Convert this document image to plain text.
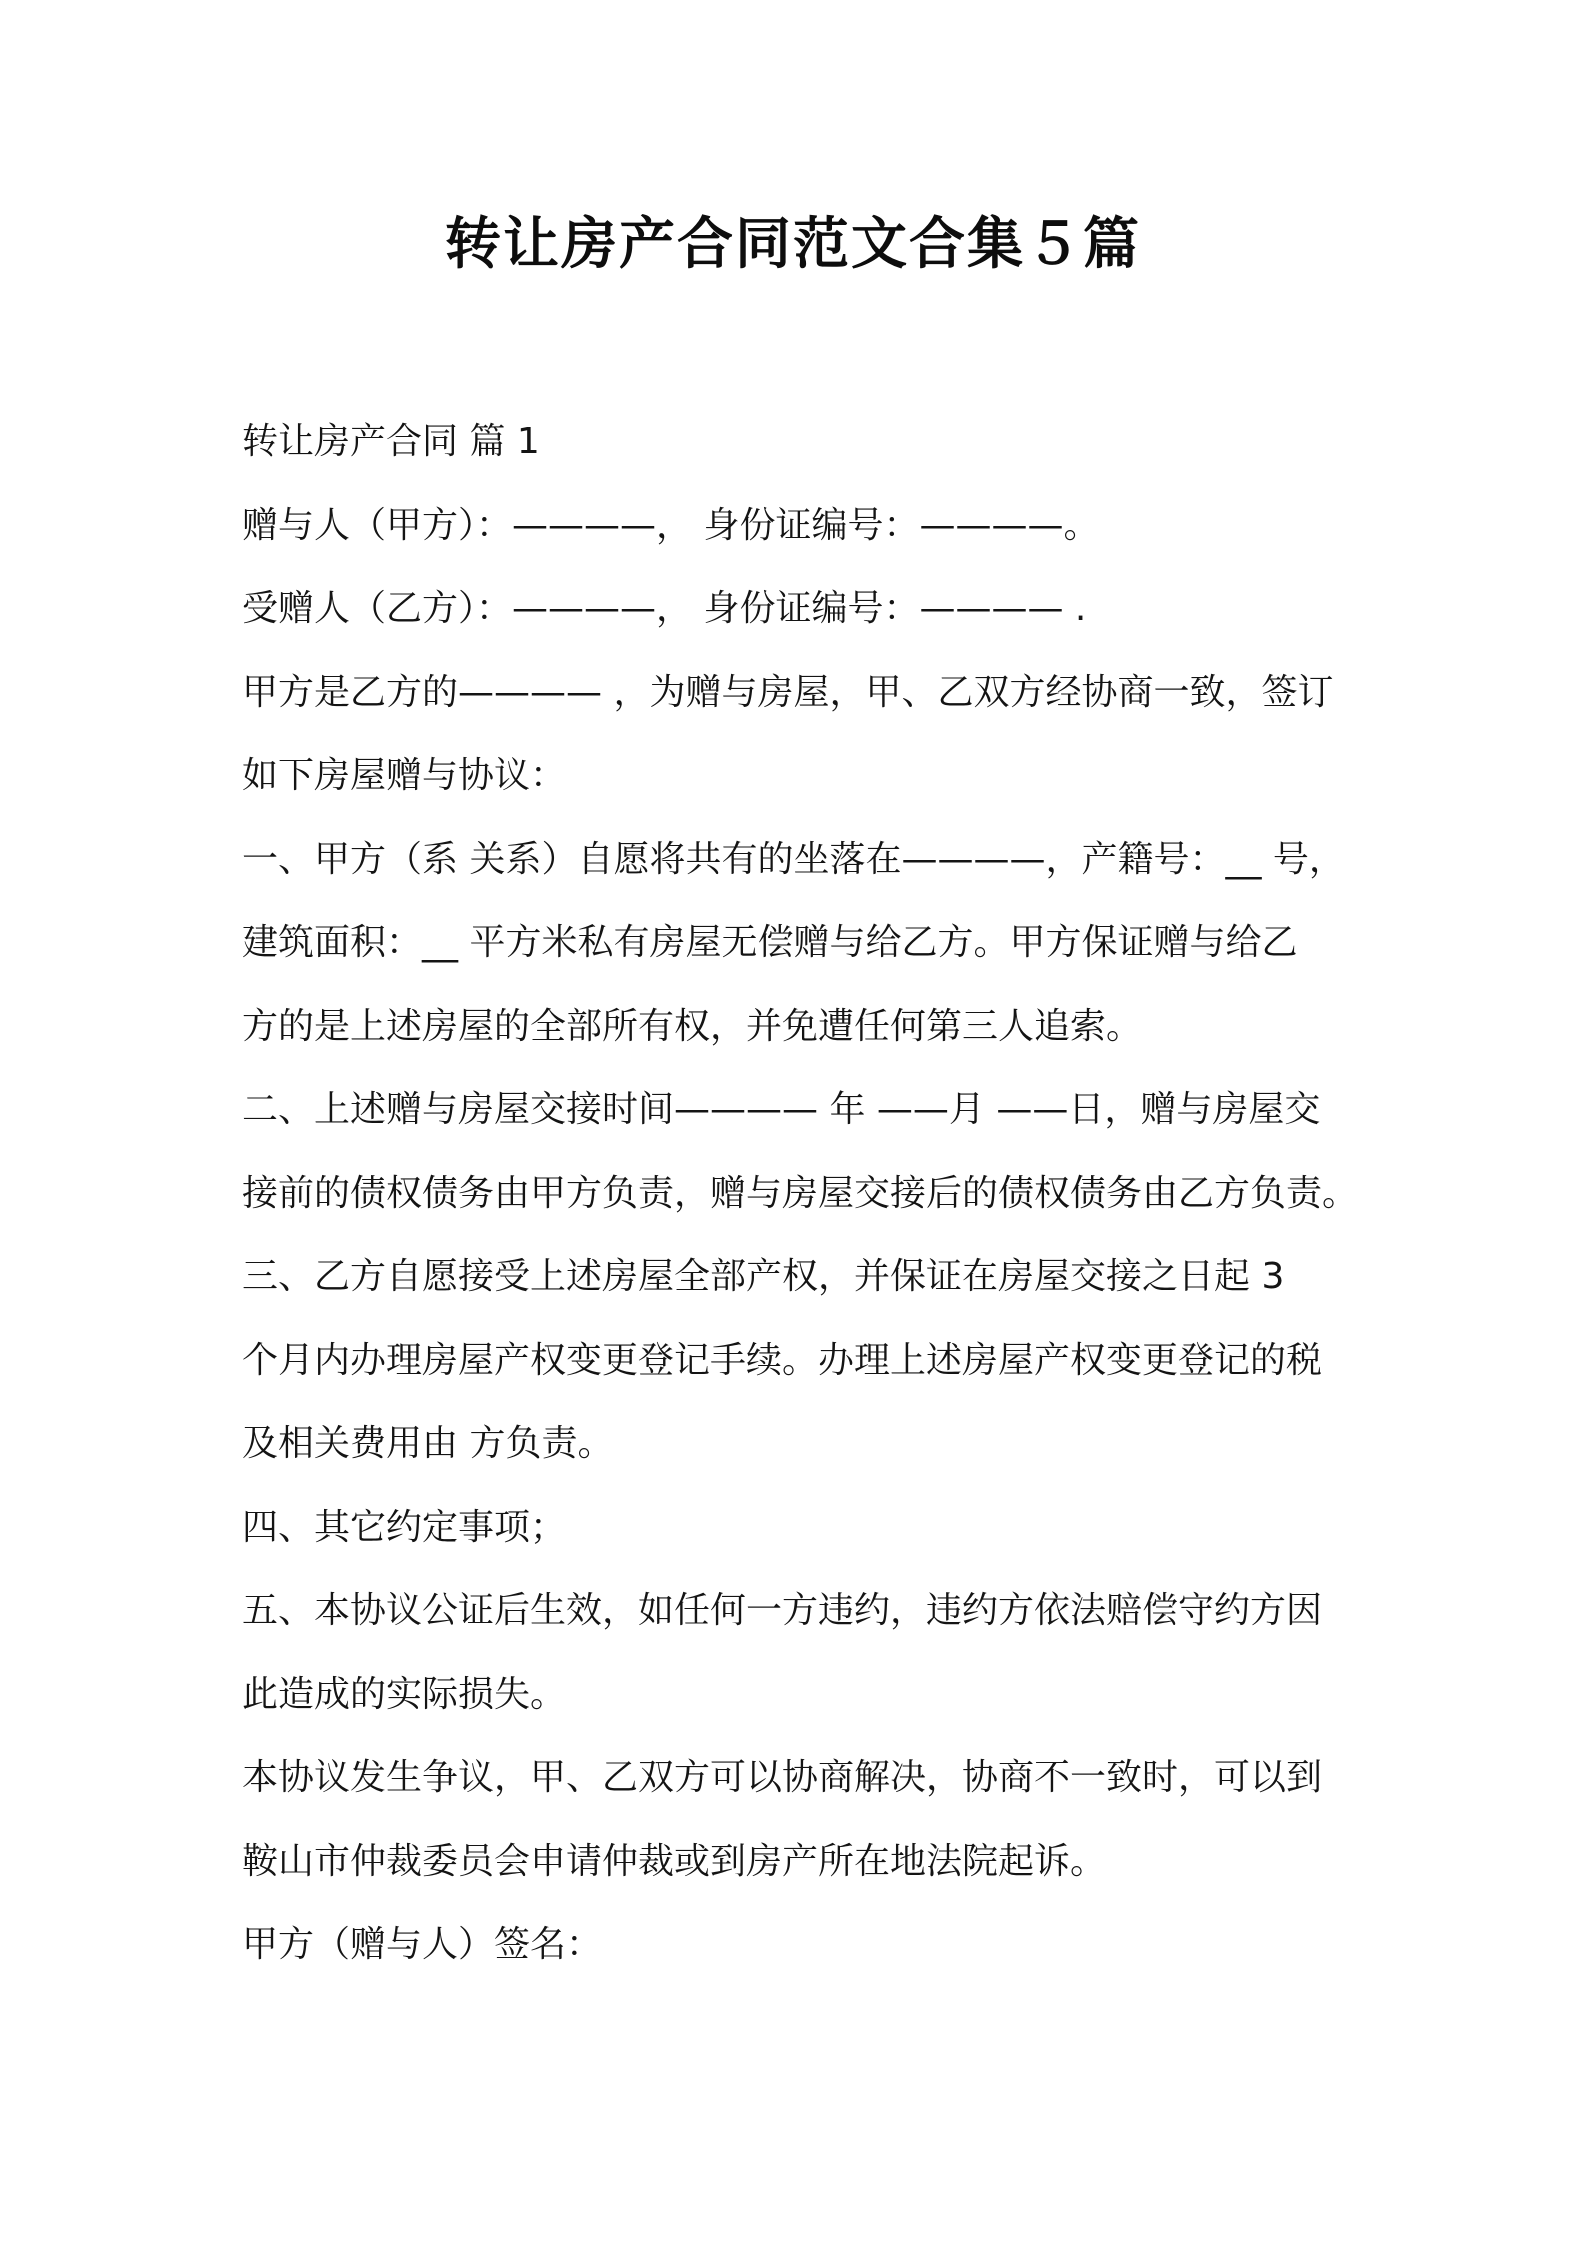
转让房产合同范文合集５篇
转让房产合同 篇 1
赠与人（甲方）：————， 身份证编号：————。
受赠人（乙方）：————， 身份证编号：———— .
甲方是乙方的———— ，为赠与房屋，甲、乙双方经协商一致，签订
如下房屋赠与协议：
一、甲方（系 关系）自愿将共有的坐落在————，产籍号：__ 号，
建筑面积：__ 平方米私有房屋无偿赠与给乙方。甲方保证赠与给乙
方的是上述房屋的全部所有权，并免遭任何第三人追索。
二、上述赠与房屋交接时间———— 年 ——月 ——日，赠与房屋交
接前的债权债务由甲方负责，赠与房屋交接后的债权债务由乙方负责。
三、乙方自愿接受上述房屋全部产权，并保证在房屋交接之日起 3
个月内办理房屋产权变更登记手续。办理上述房屋产权变更登记的税
及相关费用由 方负责。
四、其它约定事项；
五、本协议公证后生效，如任何一方违约，违约方依法赔偿守约方因
此造成的实际损失。
本协议发生争议，甲、乙双方可以协商解决，协商不一致时，可以到
鞍山市仲裁委员会申请仲裁或到房产所在地法院起诉。
甲方（赠与人）签名：
